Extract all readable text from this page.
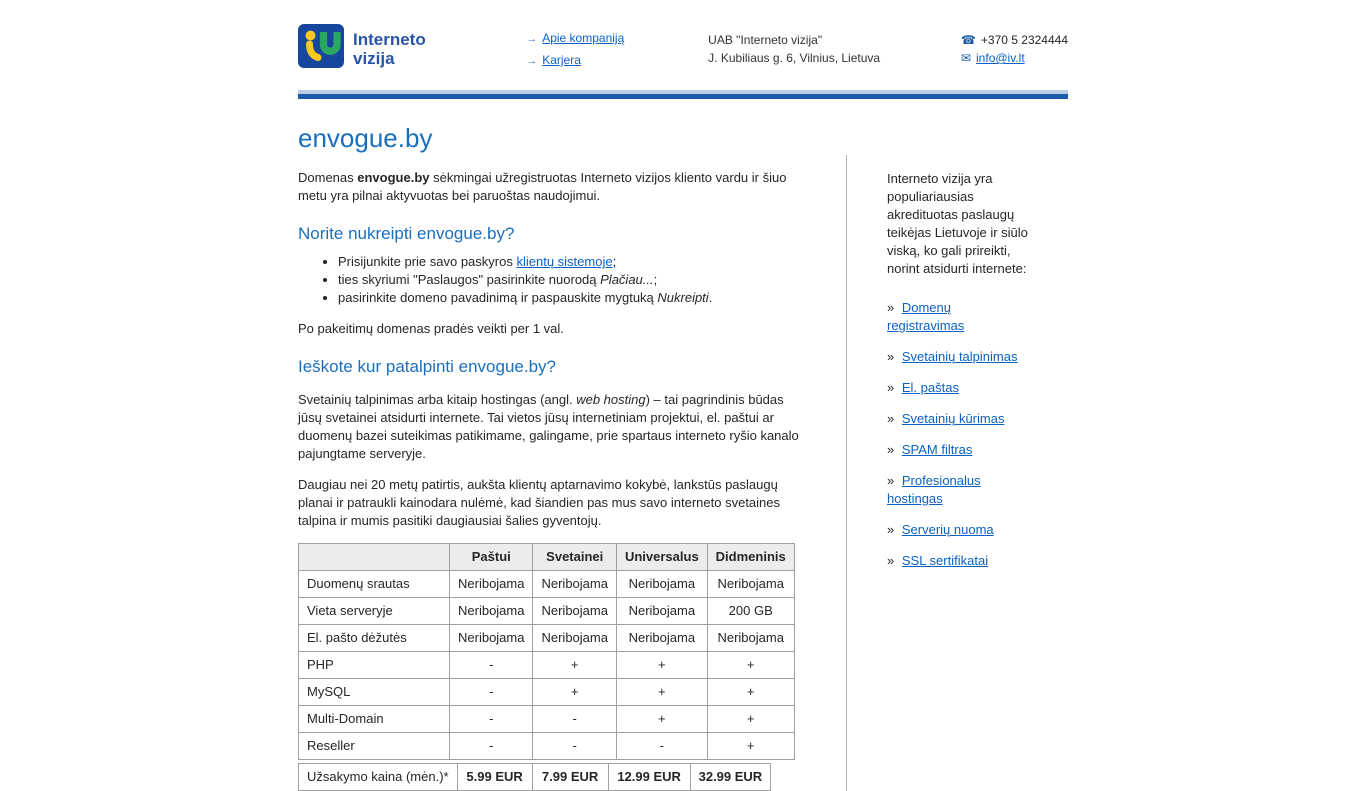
Interneto
vizija
→ Apie kompaniją
→ Karjera
UAB "Interneto vizija"
J. Kubiliaus g. 6, Vilnius, Lietuva
☎ +370 5 2324444
✉ info@iv.lt
envogue.by

Domenas envogue.by sėkmingai užregistruotas Interneto vizijos kliento vardu ir šiuo metu yra pilnai aktyvuotas bei paruoštas naudojimui.

Norite nukreipti envogue.by?
• Prisijunkite prie savo paskyros klientų sistemoje;
• ties skyriumi "Paslaugos" pasirinkite nuorodą Plačiau...;
• pasirinkite domeno pavadinimą ir paspauskite mygtuką Nukreipti.

Po pakeitimų domenas pradės veikti per 1 val.

Ieškote kur patalpinti envogue.by?

Svetainių talpinimas arba kitaip hostingas (angl. web hosting) – tai pagrindinis būdas jūsų svetainei atsidurti internete. Tai vietos jūsų internetiniam projektui, el. paštui ar duomenų bazei suteikimas patikimame, galingame, prie spartaus interneto ryšio kanalo pajungtame serveryje.

Daugiau nei 20 metų patirtis, aukšta klientų aptarnavimo kokybė, lankstūs paslaugų planai ir patraukli kainodara nulėmė, kad šiandien pas mus savo interneto svetaines talpina ir mumis pasitiki daugiausiai šalies gyventojų.

	Paštui	Svetainei	Universalus	Didmeninis
Duomenų srautas	Neribojama	Neribojama	Neribojama	Neribojama
Vieta serveryje	Neribojama	Neribojama	Neribojama	200 GB
El. pašto dėžutės	Neribojama	Neribojama	Neribojama	Neribojama
PHP	-	+	+	+
MySQL	-	+	+	+
Multi-Domain	-	-	+	+
Reseller	-	-	-	+
Užsakymo kaina (mėn.)*	5.99 EUR	7.99 EUR	12.99 EUR	32.99 EUR

Interneto vizija yra populiariausias akredituotas paslaugų teikėjas Lietuvoje ir siūlo viską, ko gali prireikti, norint atsidurti internete:

» Domenų registravimas
» Svetainių talpinimas
» El. paštas
» Svetainių kūrimas
» SPAM filtras
» Profesionalus hostingas
» Serverių nuoma
» SSL sertifikatai
